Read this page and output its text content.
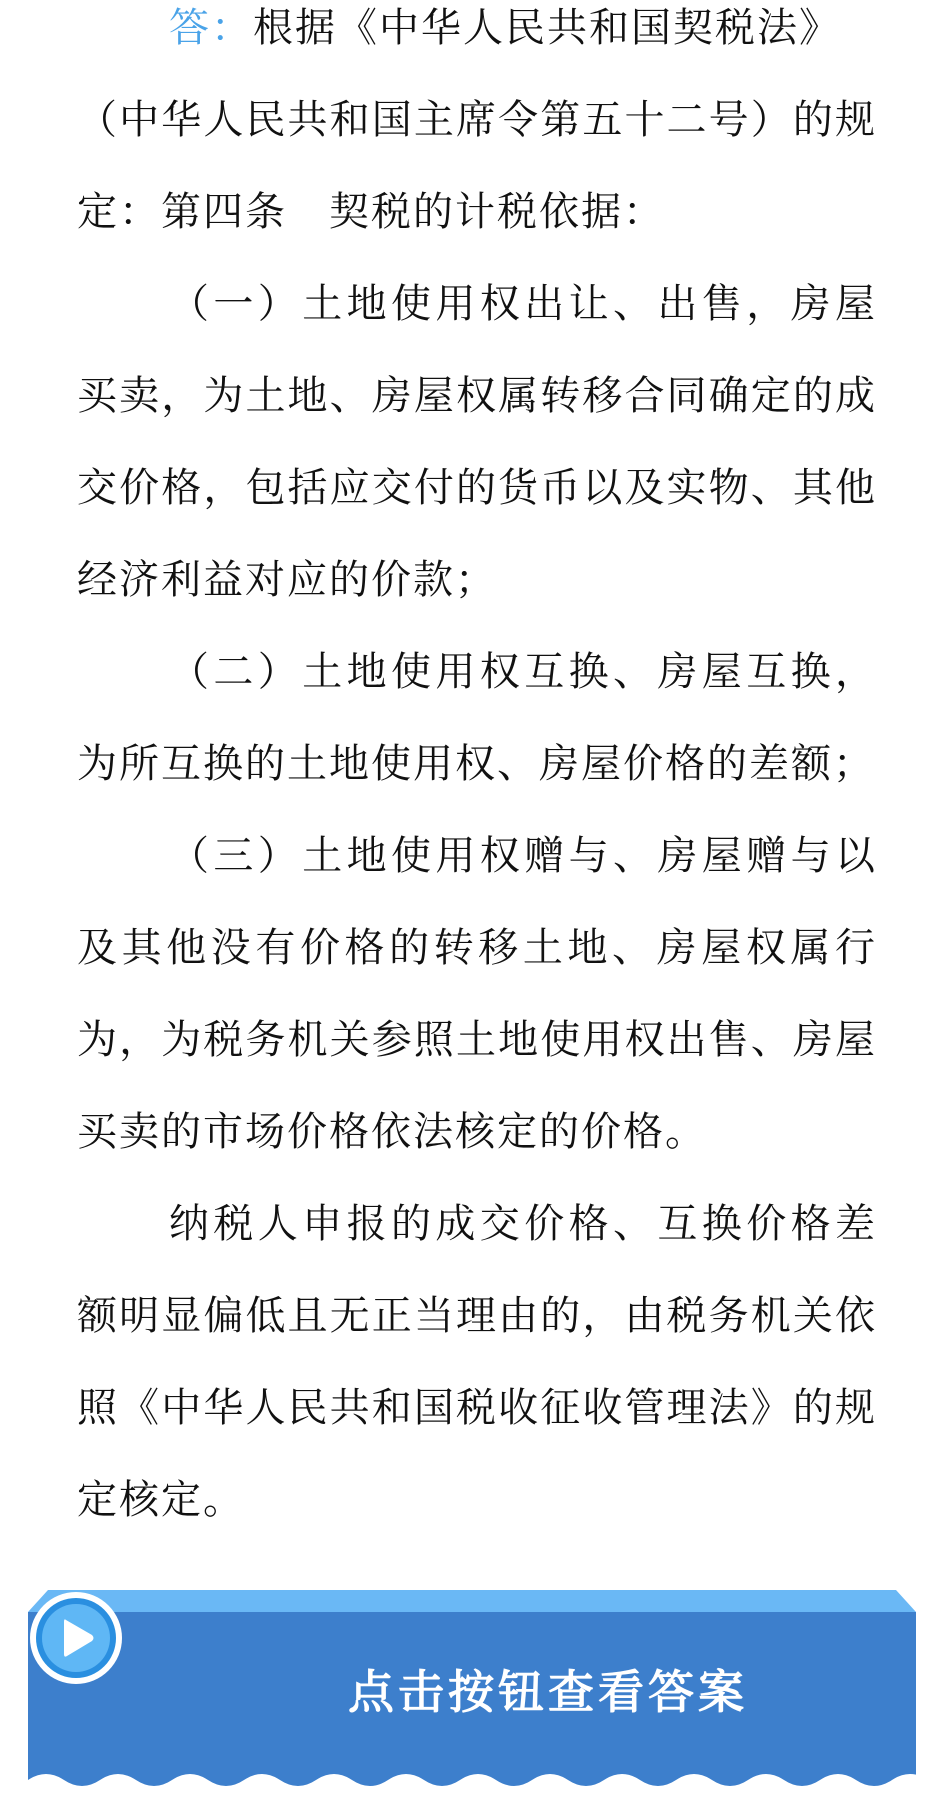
答：根据《中华人民共和国契税法》
（中华人民共和国主席令第五十二号）的规
定：第四条　契税的计税依据：
（一）土地使用权出让、出售，房屋
买卖，为土地、房屋权属转移合同确定的成
交价格，包括应交付的货币以及实物、其他
经济利益对应的价款；
（二）土地使用权互换、房屋互换，
为所互换的土地使用权、房屋价格的差额；
（三）土地使用权赠与、房屋赠与以
及其他没有价格的转移土地、房屋权属行
为，为税务机关参照土地使用权出售、房屋
买卖的市场价格依法核定的价格。
纳税人申报的成交价格、互换价格差
额明显偏低且无正当理由的，由税务机关依
照《中华人民共和国税收征收管理法》的规
定核定。
点击按钮查看答案
